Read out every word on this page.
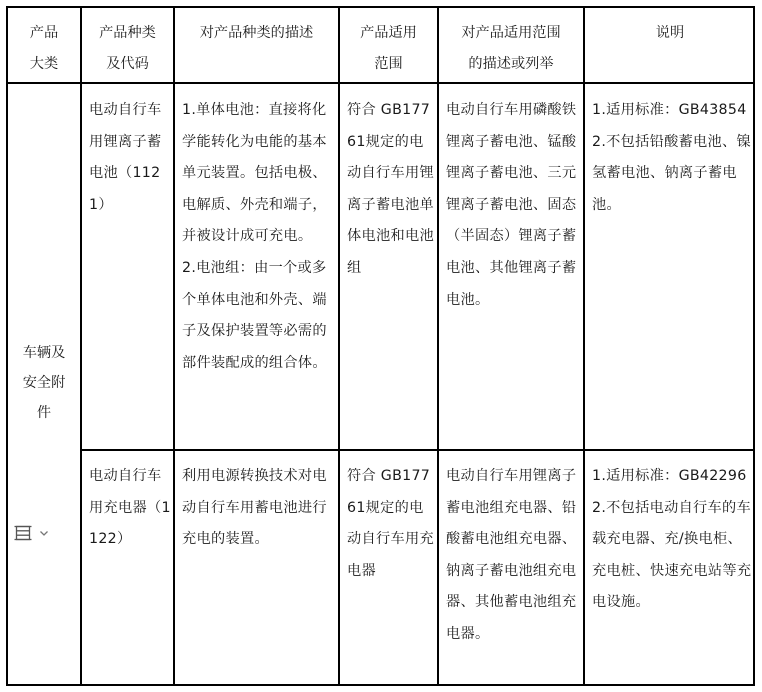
产品
大类
产品种类
及代码
对产品种类的描述	产品适用
范围
对产品适用范围
的描述或列举
说明
车辆及
安全附
件
电动自行车用锂离子蓄电池（1121）
1.单体电池：直接将化学能转化为电能的基本单元装置。包括电极、电解质、外壳和端子，并被设计成可充电。
2.电池组：由一个或多个单体电池和外壳、端子及保护装置等必需的部件装配成的组合体。
符合 GB17761规定的电动自行车用锂离子蓄电池单体电池和电池组
电动自行车用磷酸铁锂离子蓄电池、锰酸锂离子蓄电池、三元锂离子蓄电池、固态（半固态）锂离子蓄电池、其他锂离子蓄电池。
1.适用标准：GB43854
2.不包括铅酸蓄电池、镍氢蓄电池、钠离子蓄电池。
电动自行车用充电器（1122）
利用电源转换技术对电动自行车用蓄电池进行充电的装置。
符合 GB17761规定的电动自行车用充电器
电动自行车用锂离子蓄电池组充电器、铅酸蓄电池组充电器、钠离子蓄电池组充电器、其他蓄电池组充电器。
1.适用标准：GB42296
2.不包括电动自行车的车载充电器、充/换电柜、充电桩、快速充电站等充电设施。
